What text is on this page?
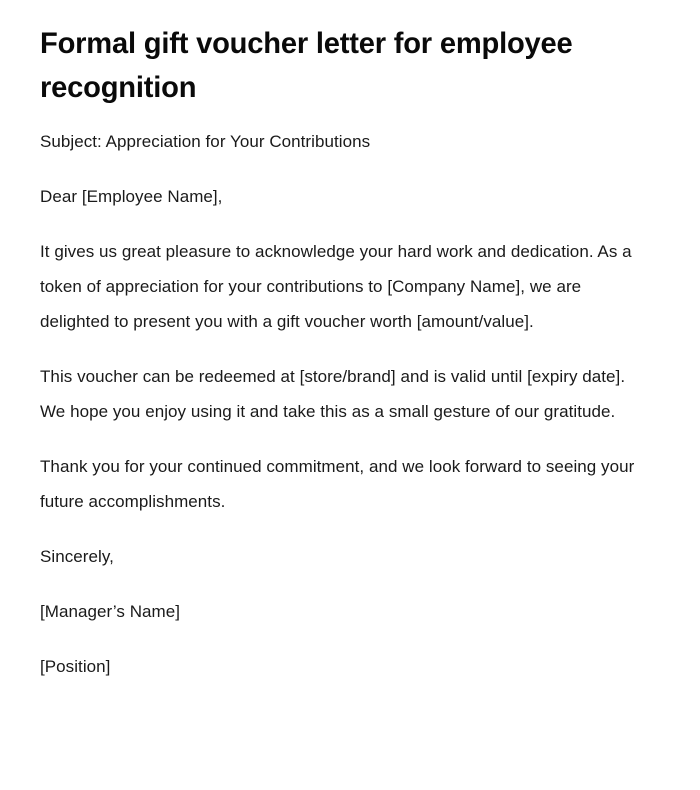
Formal gift voucher letter for employee recognition

Subject: Appreciation for Your Contributions

Dear [Employee Name],

It gives us great pleasure to acknowledge your hard work and dedication. As a token of appreciation for your contributions to [Company Name], we are delighted to present you with a gift voucher worth [amount/value].

This voucher can be redeemed at [store/brand] and is valid until [expiry date]. We hope you enjoy using it and take this as a small gesture of our gratitude.

Thank you for your continued commitment, and we look forward to seeing your future accomplishments.

Sincerely,

[Manager’s Name]

[Position]
